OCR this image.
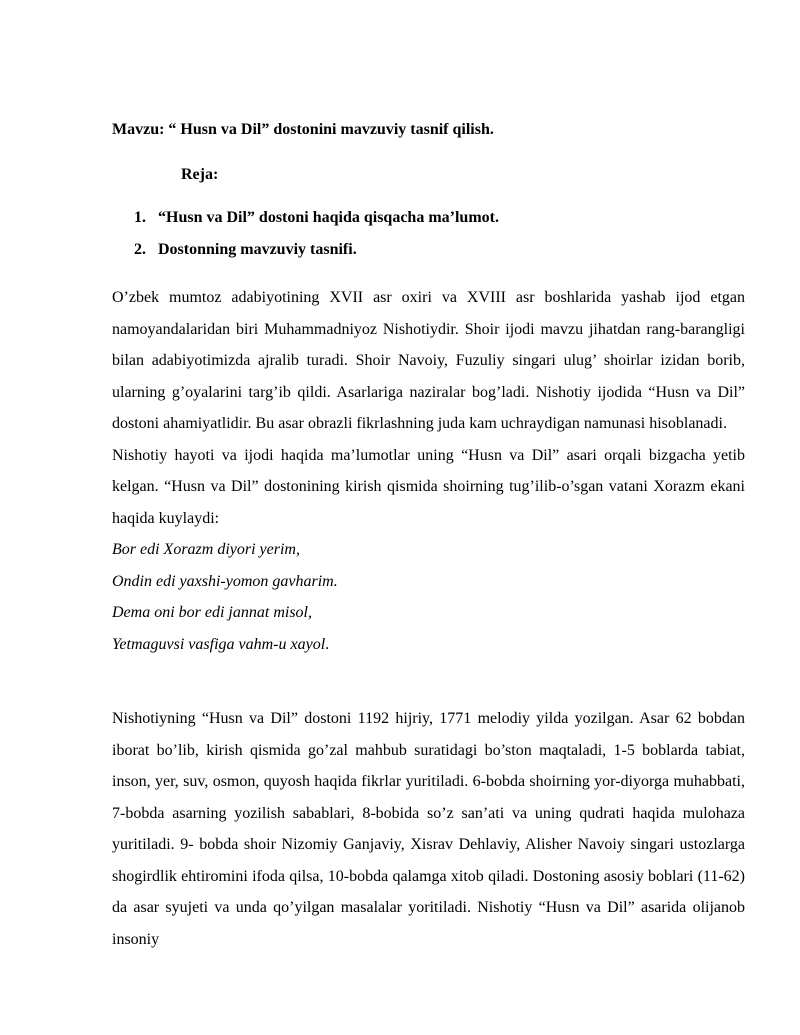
Mavzu: “ Husn va Dil” dostonini mavzuviy tasnif qilish.
Reja:
1. “Husn va Dil” dostoni haqida qisqacha ma’lumot.
2. Dostonning mavzuviy tasnifi.

O’zbek mumtoz adabiyotining XVII asr oxiri va XVIII asr boshlarida yashab ijod etgan namoyandalaridan biri Muhammadniyoz Nishotiydir. Shoir ijodi mavzu jihatdan rang-barangligi bilan adabiyotimizda ajralib turadi. Shoir Navoiy, Fuzuliy singari ulug’ shoirlar izidan borib, ularning g’oyalarini targ’ib qildi. Asarlariga naziralar bog’ladi. Nishotiy ijodida “Husn va Dil” dostoni ahamiyatlidir. Bu asar obrazli fikrlashning juda kam uchraydigan namunasi hisoblanadi.

Nishotiy hayoti va ijodi haqida ma’lumotlar uning “Husn va Dil” asari orqali bizgacha yetib kelgan. “Husn va Dil” dostonining kirish qismida shoirning tug’ilib-o’sgan vatani Xorazm ekani haqida kuylaydi:

Bor edi Xorazm diyori yerim,

Ondin edi yaxshi-yomon gavharim.

Dema oni bor edi jannat misol,

Yetmaguvsi vasfiga vahm-u xayol.

Nishotiyning “Husn va Dil” dostoni 1192 hijriy, 1771 melodiy yilda yozilgan. Asar 62 bobdan iborat bo’lib, kirish qismida go’zal mahbub suratidagi bo’ston maqtaladi, 1-5 boblarda tabiat, inson, yer, suv, osmon, quyosh haqida fikrlar yuritiladi. 6-bobda shoirning yor-diyorga muhabbati, 7-bobda asarning yozilish sabablari, 8-bobida so’z san’ati va uning qudrati haqida mulohaza yuritiladi. 9- bobda shoir Nizomiy Ganjaviy, Xisrav Dehlaviy, Alisher Navoiy singari ustozlarga shogirdlik ehtiromini ifoda qilsa, 10-bobda qalamga xitob qiladi. Dostoning asosiy boblari (11-62) da asar syujeti va unda qo’yilgan masalalar yoritiladi. Nishotiy “Husn va Dil” asarida olijanob insoniy
